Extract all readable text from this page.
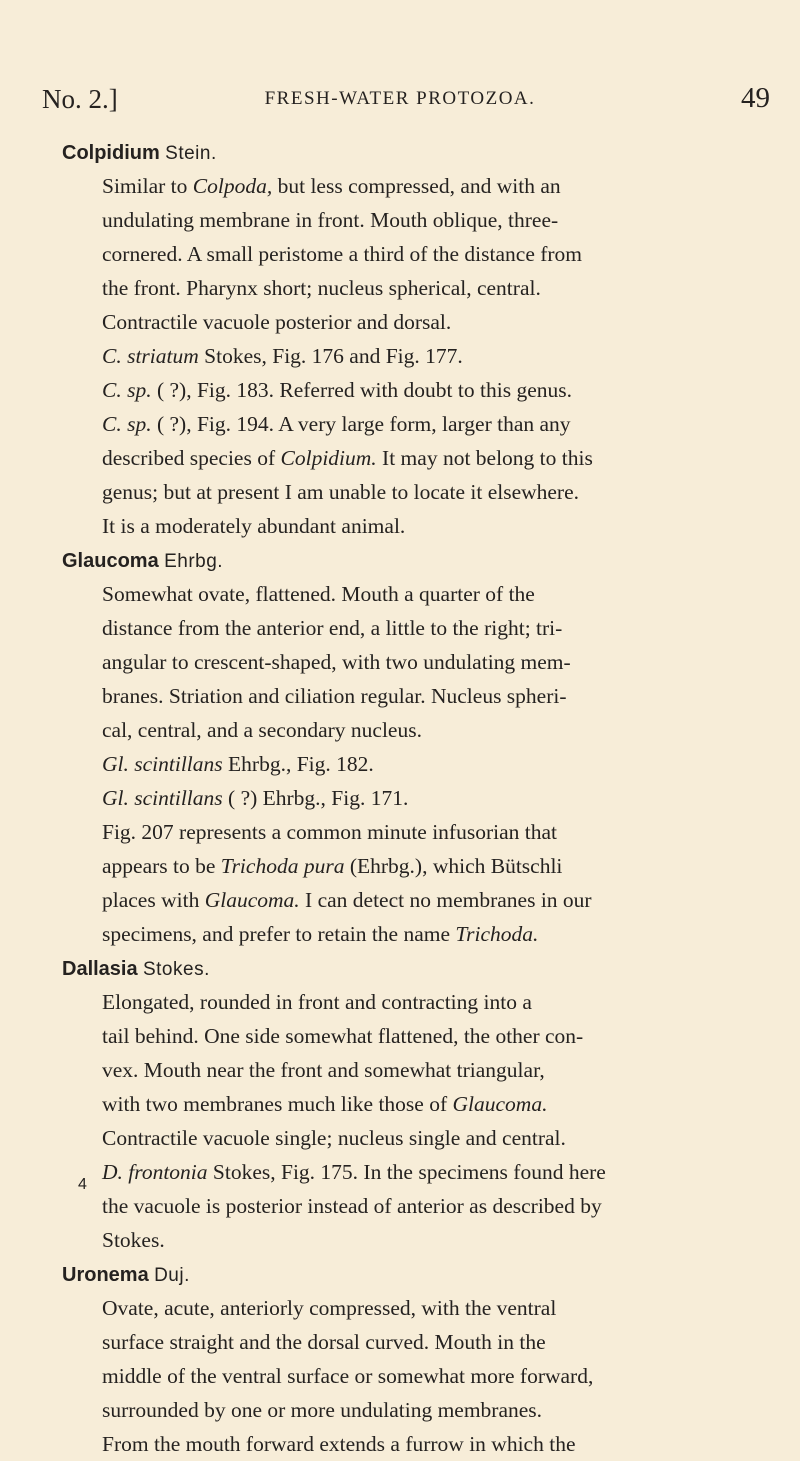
No. 2.]	FRESH-WATER PROTOZOA.	49
Colpidium Stein.
Similar to Colpoda, but less compressed, and with an
undulating membrane in front. Mouth oblique, three-
cornered. A small peristome a third of the distance from
the front. Pharynx short; nucleus spherical, central.
Contractile vacuole posterior and dorsal.
C. striatum Stokes, Fig. 176 and Fig. 177.
C. sp. ( ?), Fig. 183. Referred with doubt to this genus.
C. sp. ( ?), Fig. 194. A very large form, larger than any
described species of Colpidium. It may not belong to this
genus; but at present I am unable to locate it elsewhere.
It is a moderately abundant animal.
Glaucoma Ehrbg.
Somewhat ovate, flattened. Mouth a quarter of the
distance from the anterior end, a little to the right; tri-
angular to crescent-shaped, with two undulating mem-
branes. Striation and ciliation regular. Nucleus spheri-
cal, central, and a secondary nucleus.
Gl. scintillans Ehrbg., Fig. 182.
Gl. scintillans ( ?) Ehrbg., Fig. 171.
Fig. 207 represents a common minute infusorian that
appears to be Trichoda pura (Ehrbg.), which Bütschli
places with Glaucoma. I can detect no membranes in our
specimens, and prefer to retain the name Trichoda.
Dallasia Stokes.
Elongated, rounded in front and contracting into a
tail behind. One side somewhat flattened, the other con-
vex. Mouth near the front and somewhat triangular,
with two membranes much like those of Glaucoma.
Contractile vacuole single; nucleus single and central.
D. frontonia Stokes, Fig. 175. In the specimens found here
the vacuole is posterior instead of anterior as described by
Stokes.
Uronema Duj.
Ovate, acute, anteriorly compressed, with the ventral
surface straight and the dorsal curved. Mouth in the
middle of the ventral surface or somewhat more forward,
surrounded by one or more undulating membranes.
From the mouth forward extends a furrow in which the
4
